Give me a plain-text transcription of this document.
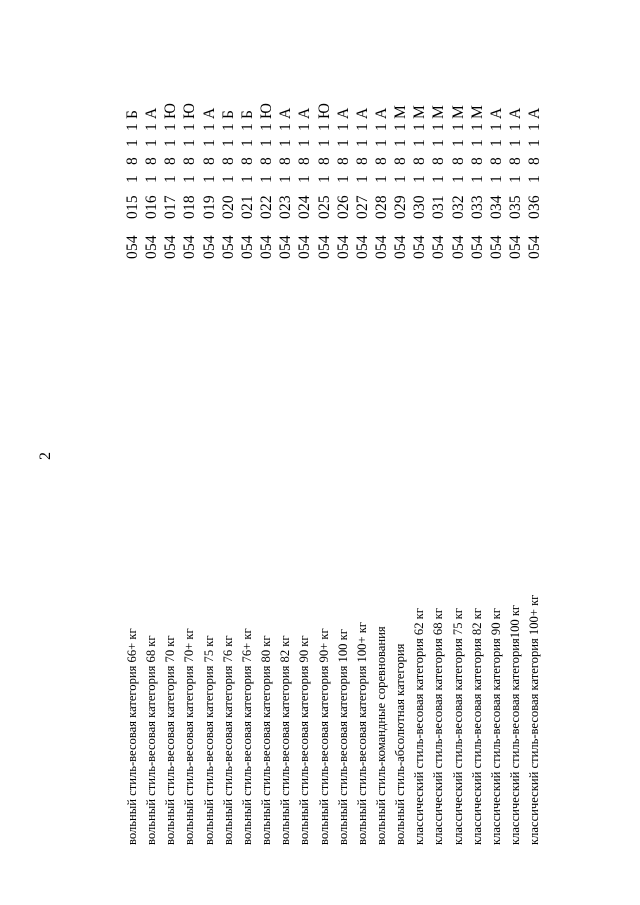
2
вольный стиль-весовая категория 66+ кг
0540151811Б
вольный стиль-весовая категория 68 кг
0540161811А
вольный стиль-весовая категория 70 кг
0540171811Ю
вольный стиль-весовая категория 70+ кг
0540181811Ю
вольный стиль-весовая категория 75 кг
0540191811А
вольный стиль-весовая категория 76 кг
0540201811Б
вольный стиль-весовая категория 76+ кг
0540211811Б
вольный стиль-весовая категория 80 кг
0540221811Ю
вольный стиль-весовая категория 82 кг
0540231811А
вольный стиль-весовая категория 90 кг
0540241811А
вольный стиль-весовая категория 90+ кг
0540251811Ю
вольный стиль-весовая категория 100 кг
0540261811А
вольный стиль-весовая категория 100+ кг
0540271811А
вольный стиль-командные соревнования
0540281811А
вольный стиль-абсолютная категория
0540291811М
классический стиль-весовая категория 62 кг
0540301811М
классический стиль-весовая категория 68 кг
0540311811М
классический стиль-весовая категория 75 кг
0540321811М
классический стиль-весовая категория 82 кг
0540331811М
классический стиль-весовая категория 90 кг
0540341811А
классический стиль-весовая категория100 кг
0540351811А
классический стиль-весовая категория 100+ кг
0540361811А
